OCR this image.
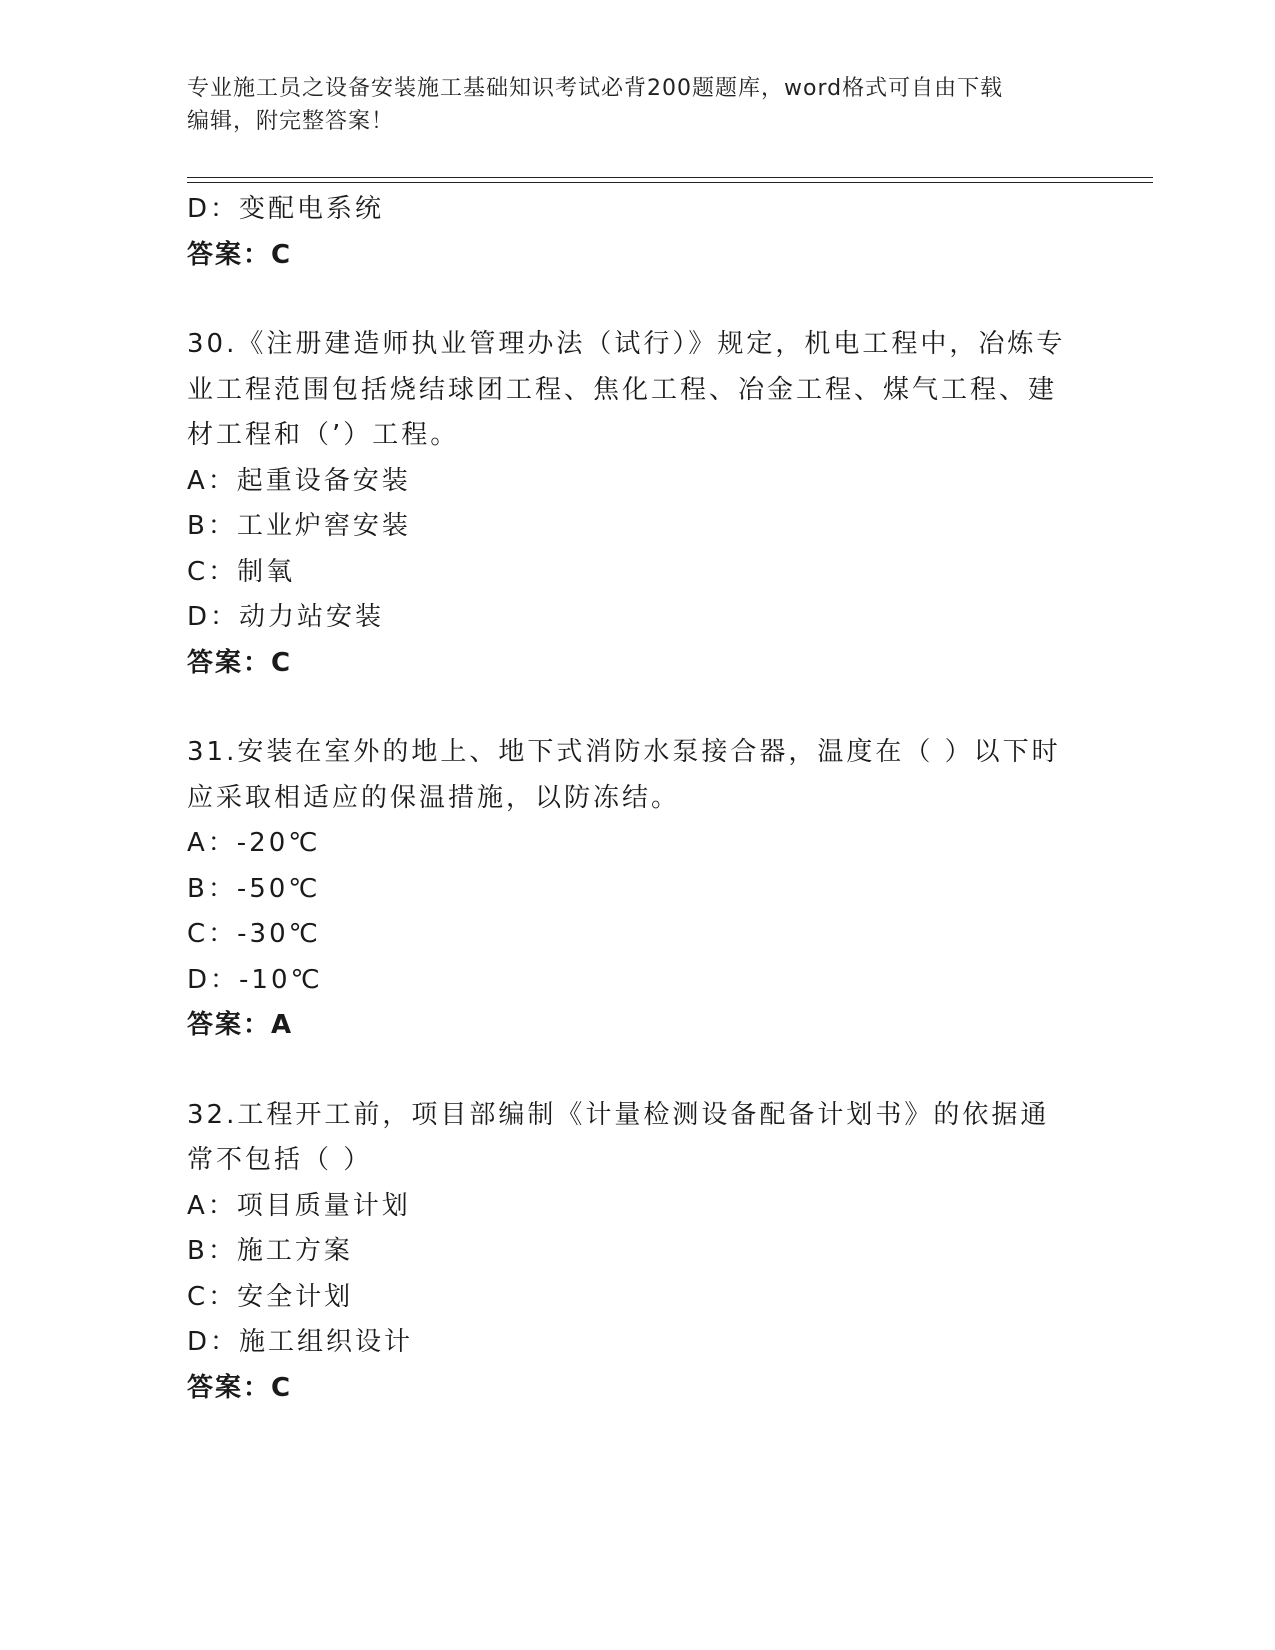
专业施工员之设备安装施工基础知识考试必背200题题库，word格式可自由下载
编辑，附完整答案！
D：变配电系统
答案：C
30.《注册建造师执业管理办法（试行）》规定，机电工程中，冶炼专业工程范围包括烧结球团工程、焦化工程、冶金工程、煤气工程、建材工程和（’）工程。
A：起重设备安装
B：工业炉窖安装
C：制氧
D：动力站安装
答案：C
31.安装在室外的地上、地下式消防水泵接合器，温度在（ ）以下时应采取相适应的保温措施，以防冻结。
A：-20℃
B：-50℃
C：-30℃
D：-10℃
答案：A
32.工程开工前，项目部编制《计量检测设备配备计划书》的依据通常不包括（ ）
A：项目质量计划
B：施工方案
C：安全计划
D：施工组织设计
答案：C
